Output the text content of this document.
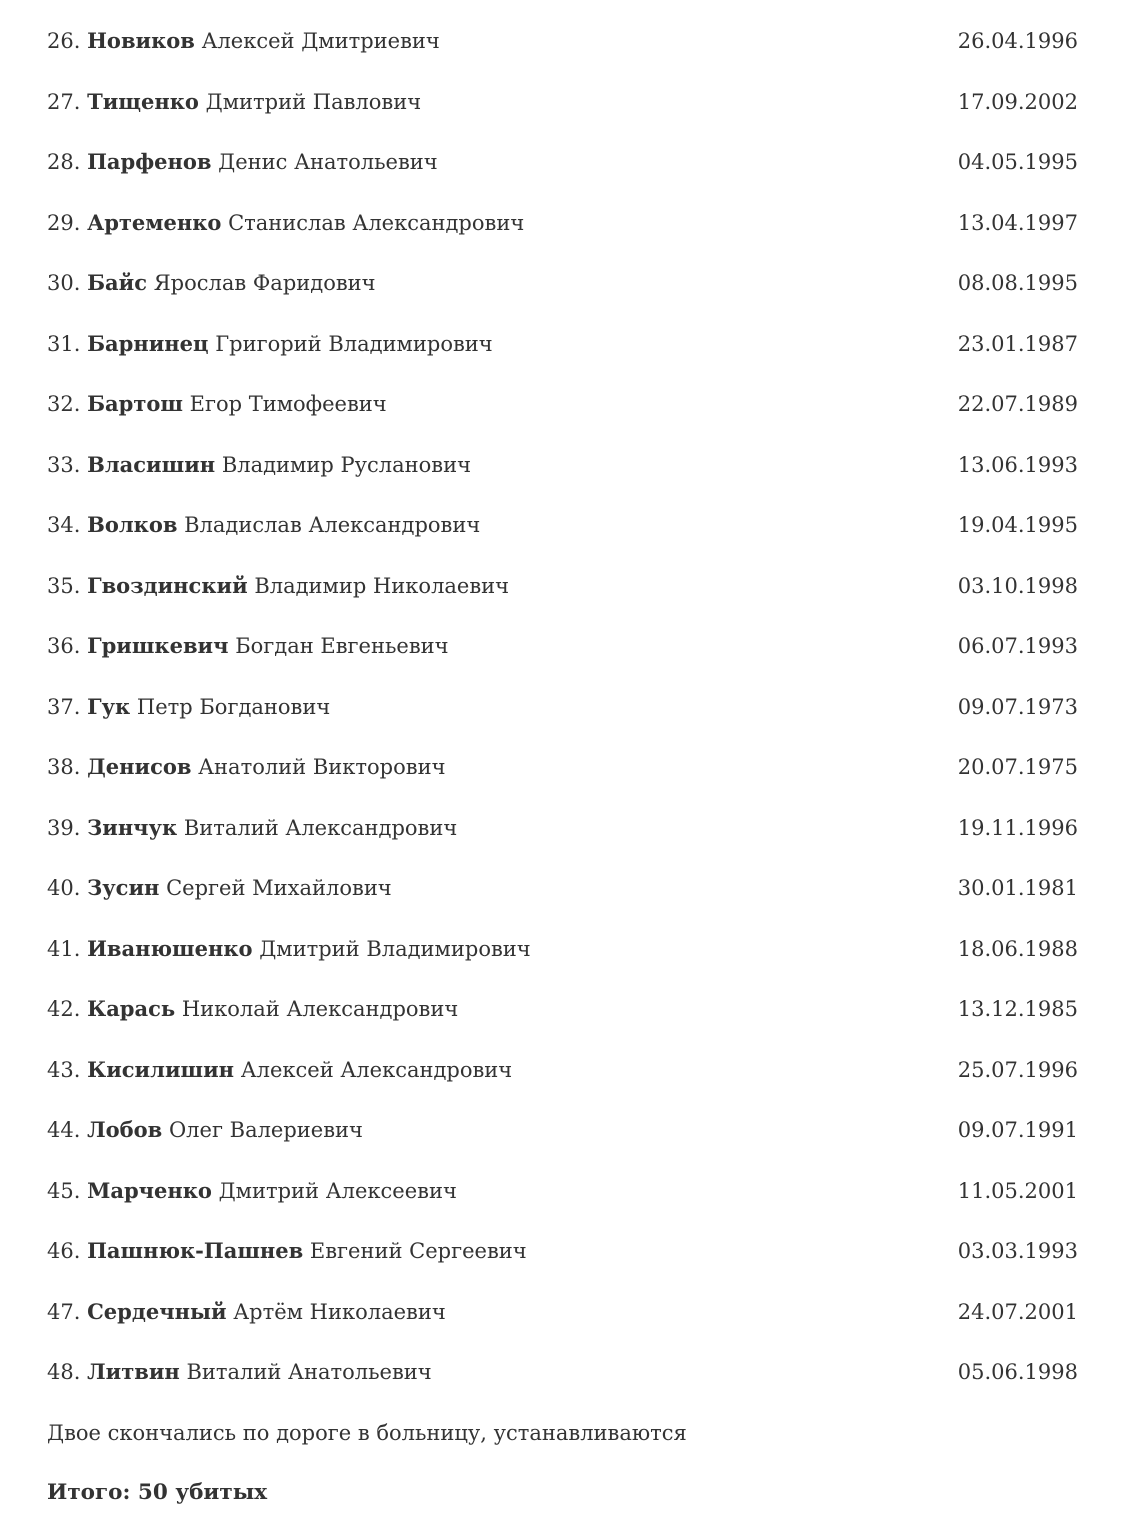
26. Новиков Алексей Дмитриевич	26.04.1996
27. Тищенко Дмитрий Павлович	17.09.2002
28. Парфенов Денис Анатольевич	04.05.1995
29. Артеменко Станислав Александрович	13.04.1997
30. Байс Ярослав Фаридович	08.08.1995
31. Барнинец Григорий Владимирович	23.01.1987
32. Бартош Егор Тимофеевич	22.07.1989
33. Власишин Владимир Русланович	13.06.1993
34. Волков Владислав Александрович	19.04.1995
35. Гвоздинский Владимир Николаевич	03.10.1998
36. Гришкевич Богдан Евгеньевич	06.07.1993
37. Гук Петр Богданович	09.07.1973
38. Денисов Анатолий Викторович	20.07.1975
39. Зинчук Виталий Александрович	19.11.1996
40. Зусин Сергей Михайлович	30.01.1981
41. Иванюшенко Дмитрий Владимирович	18.06.1988
42. Карась Николай Александрович	13.12.1985
43. Кисилишин Алексей Александрович	25.07.1996
44. Лобов Олег Валериевич	09.07.1991
45. Марченко Дмитрий Алексеевич	11.05.2001
46. Пашнюк-Пашнев Евгений Сергеевич	03.03.1993
47. Сердечный Артём Николаевич	24.07.2001
48. Литвин Виталий Анатольевич	05.06.1998
Двое скончались по дороге в больницу, устанавливаются
Итого: 50 убитых
